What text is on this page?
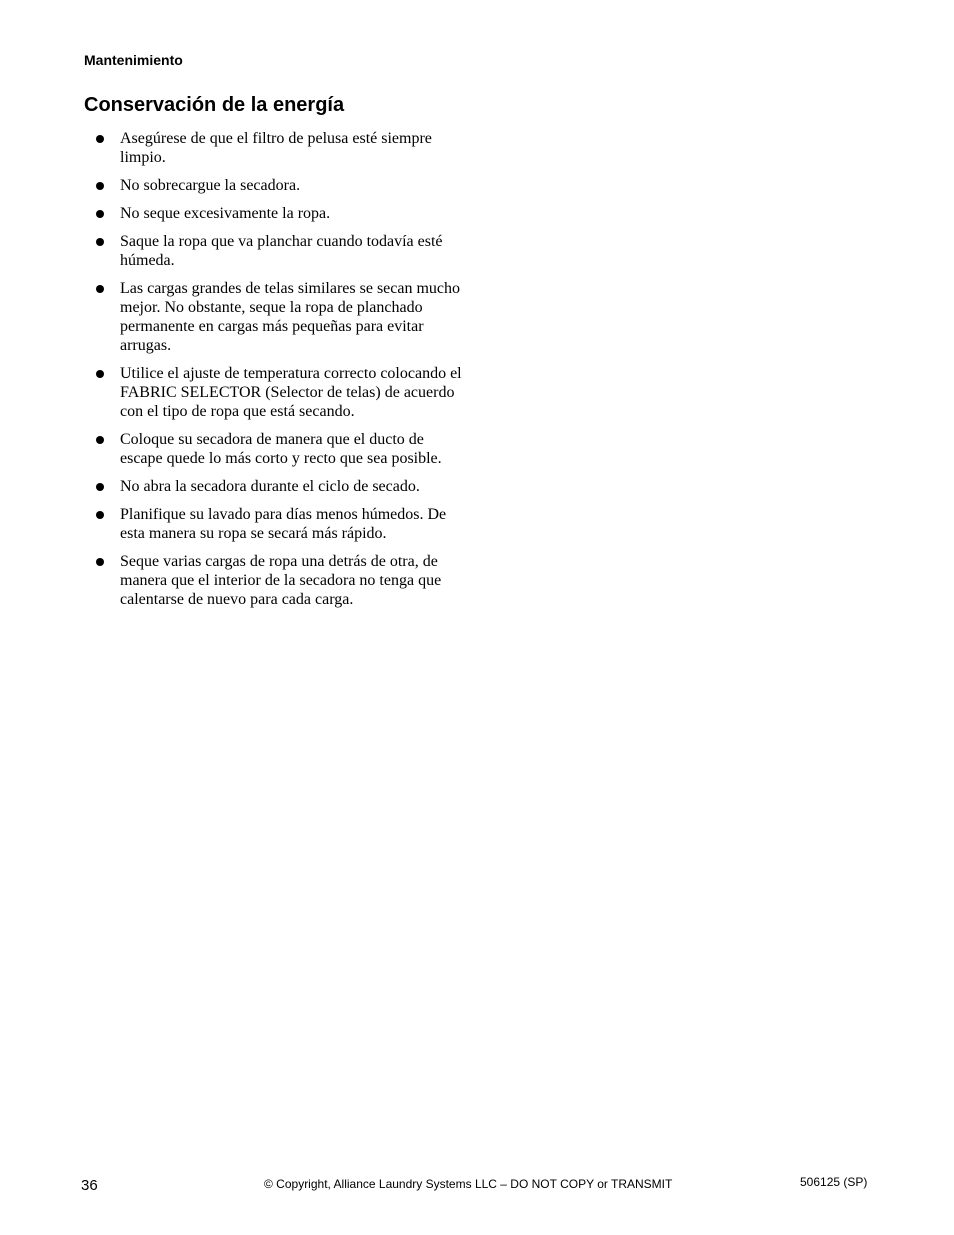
Mantenimiento
Conservación de la energía
Asegúrese de que el filtro de pelusa esté siempre limpio.
No sobrecargue la secadora.
No seque excesivamente la ropa.
Saque la ropa que va planchar cuando todavía esté húmeda.
Las cargas grandes de telas similares se secan mucho mejor. No obstante, seque la ropa de planchado permanente en cargas más pequeñas para evitar arrugas.
Utilice el ajuste de temperatura correcto colocando el FABRIC SELECTOR (Selector de telas) de acuerdo con el tipo de ropa que está secando.
Coloque su secadora de manera que el ducto de escape quede lo más corto y recto que sea posible.
No abra la secadora durante el ciclo de secado.
Planifique su lavado para días menos húmedos. De esta manera su ropa se secará más rápido.
Seque varias cargas de ropa una detrás de otra, de manera que el interior de la secadora no tenga que calentarse de nuevo para cada carga.
36	© Copyright, Alliance Laundry Systems LLC – DO NOT COPY or TRANSMIT	506125 (SP)
